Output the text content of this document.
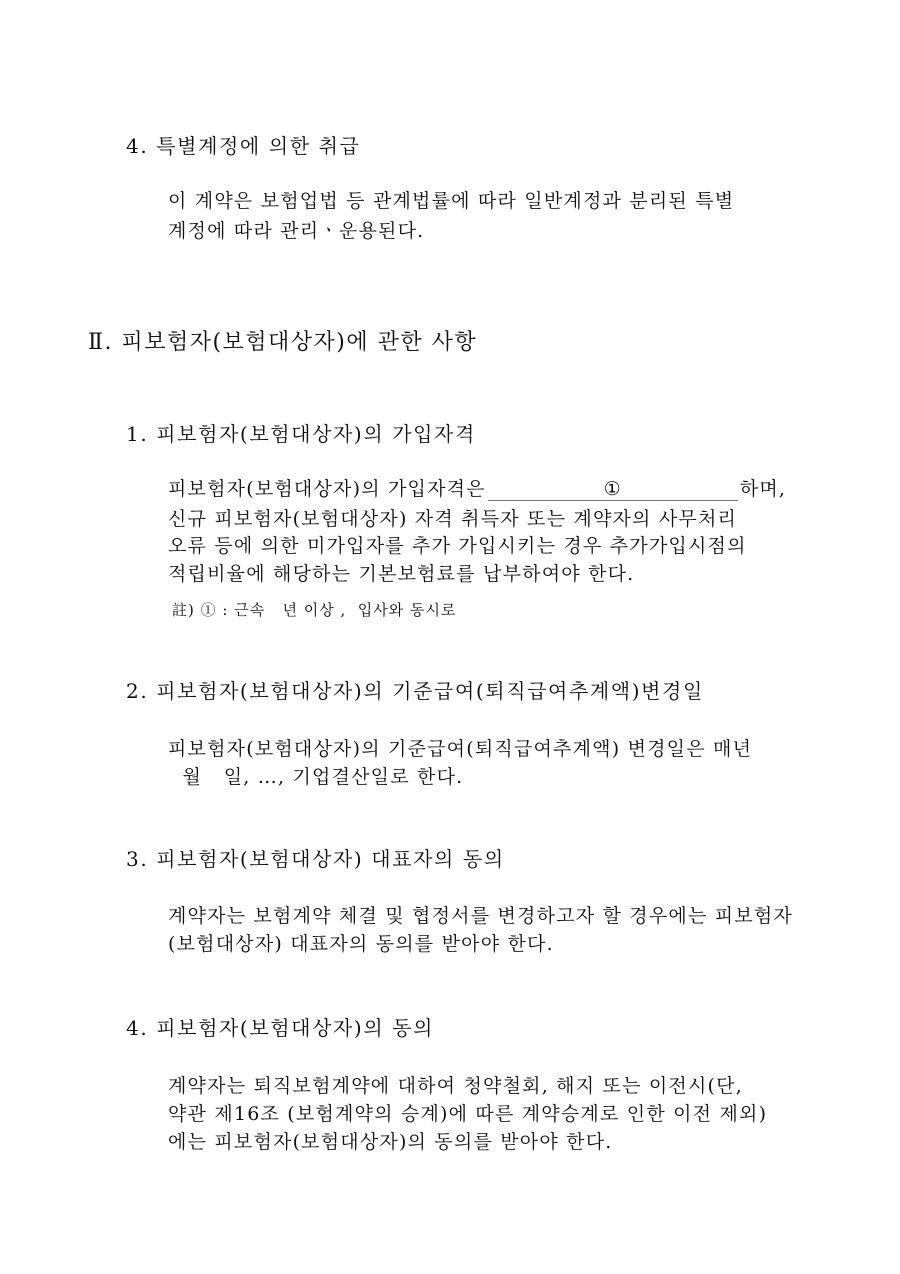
4. 특별계정에 의한 취급
이 계약은 보험업법 등 관계법률에 따라 일반계정과 분리된 특별
계정에 따라 관리ㆍ운용된다.
Ⅱ. 피보험자(보험대상자)에 관한 사항
1. 피보험자(보험대상자)의 가입자격
피보험자(보험대상자)의 가입자격은	①	하며,
신규 피보험자(보험대상자) 자격 취득자 또는 계약자의 사무처리
오류 등에 의한 미가입자를 추가 가입시키는 경우 추가가입시점의
적립비율에 해당하는 기본보험료를 납부하여야 한다.
註) ① : 근속   년 이상 ,  입사와 동시로
2. 피보험자(보험대상자)의 기준급여(퇴직급여추계액)변경일
피보험자(보험대상자)의 기준급여(퇴직급여추계액) 변경일은 매년
월   일, …, 기업결산일로 한다.
3. 피보험자(보험대상자) 대표자의 동의
계약자는 보험계약 체결 및 협정서를 변경하고자 할 경우에는 피보험자
(보험대상자) 대표자의 동의를 받아야 한다.
4. 피보험자(보험대상자)의 동의
계약자는 퇴직보험계약에 대하여 청약철회, 해지 또는 이전시(단,
약관 제16조 (보험계약의 승계)에 따른 계약승계로 인한 이전 제외)
에는 피보험자(보험대상자)의 동의를 받아야 한다.
